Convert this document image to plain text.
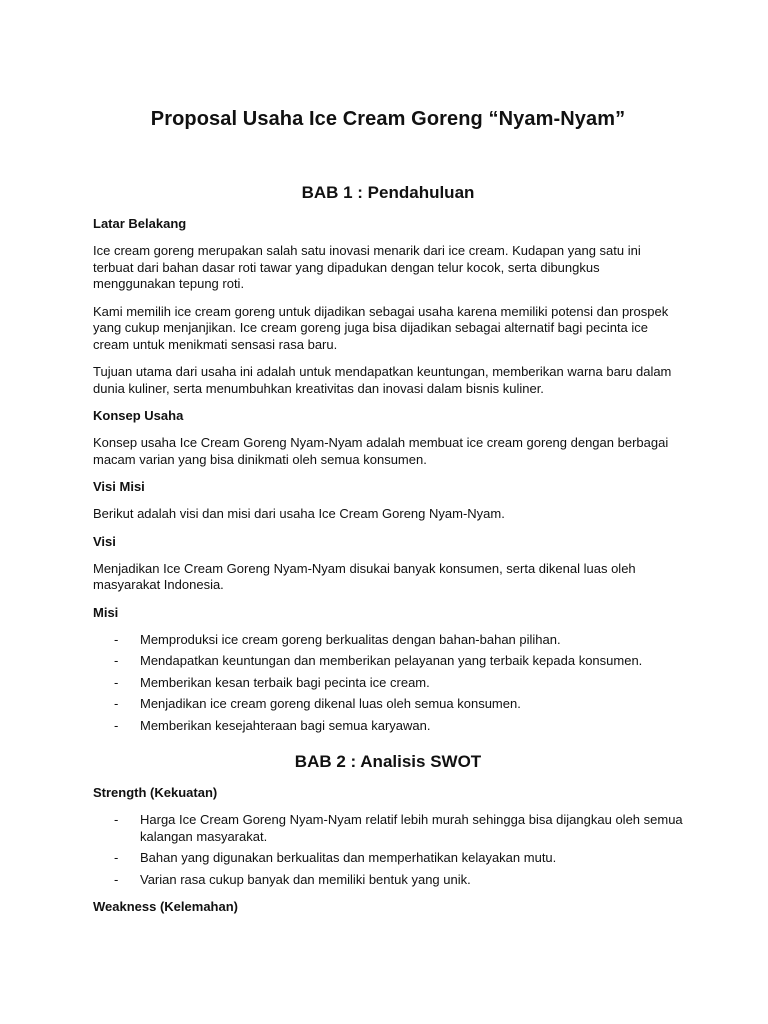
Proposal Usaha Ice Cream Goreng “Nyam-Nyam”
BAB 1 : Pendahuluan
Latar Belakang

Ice cream goreng merupakan salah satu inovasi menarik dari ice cream. Kudapan yang satu ini terbuat dari bahan dasar roti tawar yang dipadukan dengan telur kocok, serta dibungkus menggunakan tepung roti.

Kami memilih ice cream goreng untuk dijadikan sebagai usaha karena memiliki potensi dan prospek yang cukup menjanjikan. Ice cream goreng juga bisa dijadikan sebagai alternatif bagi pecinta ice cream untuk menikmati sensasi rasa baru.

Tujuan utama dari usaha ini adalah untuk mendapatkan keuntungan, memberikan warna baru dalam dunia kuliner, serta menumbuhkan kreativitas dan inovasi dalam bisnis kuliner.

Konsep Usaha

Konsep usaha Ice Cream Goreng Nyam-Nyam adalah membuat ice cream goreng dengan berbagai macam varian yang bisa dinikmati oleh semua konsumen.

Visi Misi

Berikut adalah visi dan misi dari usaha Ice Cream Goreng Nyam-Nyam.

Visi

Menjadikan Ice Cream Goreng Nyam-Nyam disukai banyak konsumen, serta dikenal luas oleh masyarakat Indonesia.

Misi
- Memproduksi ice cream goreng berkualitas dengan bahan-bahan pilihan.
- Mendapatkan keuntungan dan memberikan pelayanan yang terbaik kepada konsumen.
- Memberikan kesan terbaik bagi pecinta ice cream.
- Menjadikan ice cream goreng dikenal luas oleh semua konsumen.
- Memberikan kesejahteraan bagi semua karyawan.
BAB 2 : Analisis SWOT
Strength (Kekuatan)
- Harga Ice Cream Goreng Nyam-Nyam relatif lebih murah sehingga bisa dijangkau oleh semua kalangan masyarakat.
- Bahan yang digunakan berkualitas dan memperhatikan kelayakan mutu.
- Varian rasa cukup banyak dan memiliki bentuk yang unik.
Weakness (Kelemahan)
